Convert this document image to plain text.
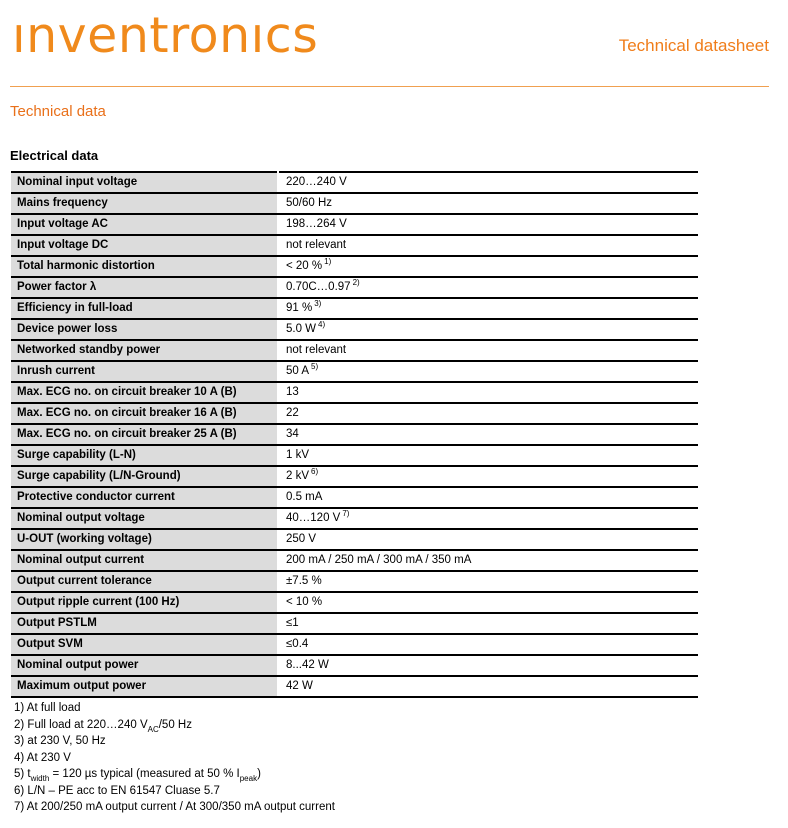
ınventronıcs	Technical datasheet
Technical data
Electrical data
Nominal input voltage	220…240 V
Mains frequency	50/60 Hz
Input voltage AC	198…264 V
Input voltage DC	not relevant
Total harmonic distortion	< 20 % $^{1)}$
Power factor λ	0.70C…0.97 $^{2)}$
Efficiency in full-load	91 % $^{3)}$
Device power loss	5.0 W $^{4)}$
Networked standby power	not relevant
Inrush current	50 A $^{5)}$
Max. ECG no. on circuit breaker 10 A (B)	13
Max. ECG no. on circuit breaker 16 A (B)	22
Max. ECG no. on circuit breaker 25 A (B)	34
Surge capability (L-N)	1 kV
Surge capability (L/N-Ground)	2 kV $^{6)}$
Protective conductor current	0.5 mA
Nominal output voltage	40…120 V $^{7)}$
U-OUT (working voltage)	250 V
Nominal output current	200 mA / 250 mA / 300 mA / 350 mA
Output current tolerance	±7.5 %
Output ripple current (100 Hz)	< 10 %
Output PSTLM	≤1
Output SVM	≤0.4
Nominal output power	8...42 W
Maximum output power	42 W
1) At full load
2) Full load at 220…240 $V_{AC}/50$ Hz
3) at 230 V, 50 Hz
4) At 230 V
5) $t_{width} = 120$ µs typical (measured at 50 % $I_{peak}$)
6) L/N – PE acc to EN 61547 Cluase 5.7
7) At 200/250 mA output current / At 300/350 mA output current
